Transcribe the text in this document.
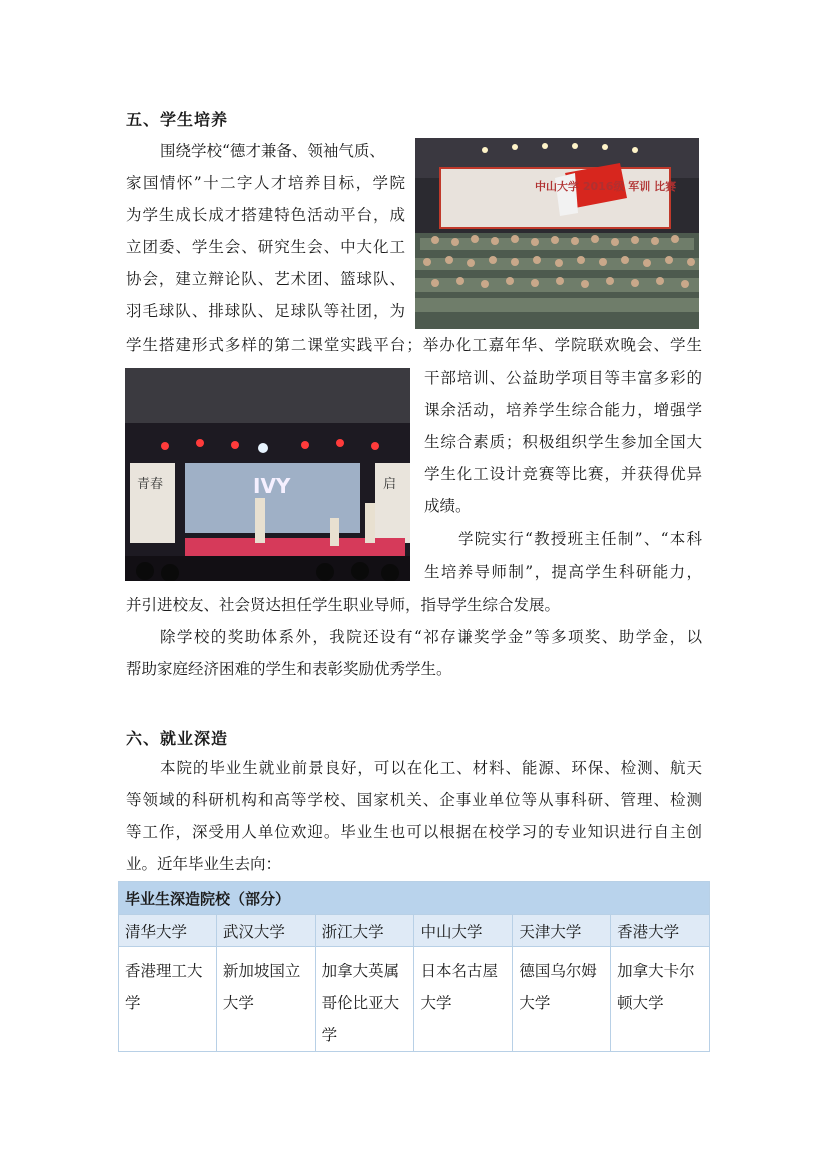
五、学生培养
中山大学 2016级 军训 比赛
青春	启
IVY
围绕学校“德才兼备、领袖气质、
家国情怀”十二字人才培养目标，学院
为学生成长成才搭建特色活动平台，成
立团委、学生会、研究生会、中大化工
协会，建立辩论队、艺术团、篮球队、
羽毛球队、排球队、足球队等社团，为
学生搭建形式多样的第二课堂实践平台；举办化工嘉年华、学院联欢晚会、学生
干部培训、公益助学项目等丰富多彩的
课余活动，培养学生综合能力，增强学
生综合素质；积极组织学生参加全国大
学生化工设计竞赛等比赛，并获得优异
成绩。
学院实行“教授班主任制”、“本科
生培养导师制”，提高学生科研能力，
并引进校友、社会贤达担任学生职业导师，指导学生综合发展。
除学校的奖助体系外，我院还设有“祁存谦奖学金”等多项奖、助学金，以
帮助家庭经济困难的学生和表彰奖励优秀学生。
六、就业深造
本院的毕业生就业前景良好，可以在化工、材料、能源、环保、检测、航天
等领域的科研机构和高等学校、国家机关、企事业单位等从事科研、管理、检测
等工作，深受用人单位欢迎。毕业生也可以根据在校学习的专业知识进行自主创
业。近年毕业生去向：
毕业生深造院校（部分）					
清华大学	武汉大学	浙江大学	中山大学	天津大学	香港大学
香港理工大学	新加坡国立大学	加拿大英属哥伦比亚大学	日本名古屋大学	德国乌尔姆大学	加拿大卡尔顿大学
